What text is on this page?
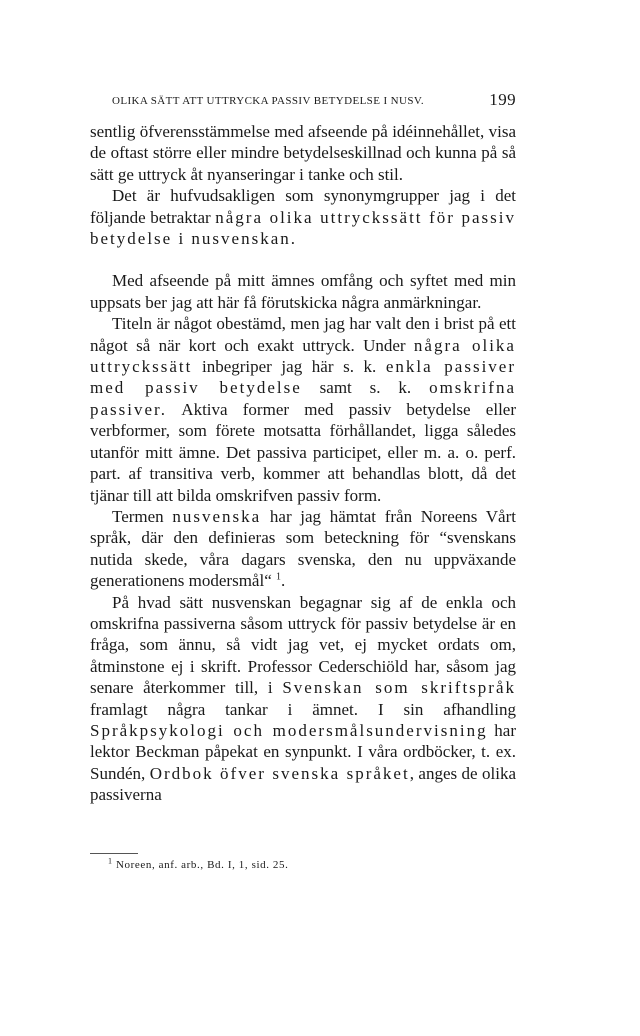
OLIKA SÄTT ATT UTTRYCKA PASSIV BETYDELSE I NUSV.	199

sentlig öfverensstämmelse med afseende på idéinnehållet, visa de oftast större eller mindre betydelseskillnad och kunna på så sätt ge uttryck åt nyanseringar i tanke och stil.

Det är hufvudsakligen som synonymgrupper jag i det följande betraktar några olika uttryckssätt för passiv betydelse i nusvenskan.

Med afseende på mitt ämnes omfång och syftet med min uppsats ber jag att här få förutskicka några anmärkningar.

Titeln är något obestämd, men jag har valt den i brist på ett något så när kort och exakt uttryck. Under några olika uttryckssätt inbegriper jag här s. k. enkla passiver med passiv betydelse samt s. k. omskrifna passiver. Aktiva former med passiv betydelse eller verbformer, som förete motsatta förhållandet, ligga således utanför mitt ämne. Det passiva participet, eller m. a. o. perf. part. af transitiva verb, kommer att behandlas blott, då det tjänar till att bilda omskrifven passiv form.

Termen nusvenska har jag hämtat från Noreens Vårt språk, där den definieras som beteckning för “svenskans nutida skede, våra dagars svenska, den nu uppväxande generationens modersmål“ $^1$.

På hvad sätt nusvenskan begagnar sig af de enkla och omskrifna passiverna såsom uttryck för passiv betydelse är en fråga, som ännu, så vidt jag vet, ej mycket ordats om, åtminstone ej i skrift. Professor Cederschiöld har, såsom jag senare återkommer till, i Svenskan som skriftspråk framlagt några tankar i ämnet. I sin afhandling Språkpsykologi och modersmålsundervisning har lektor Beckman påpekat en synpunkt. I våra ordböcker, t. ex. Sundén, Ordbok öfver svenska språket, anges de olika passiverna

$^1$ Noreen, anf. arb., Bd. I, 1, sid. 25.
